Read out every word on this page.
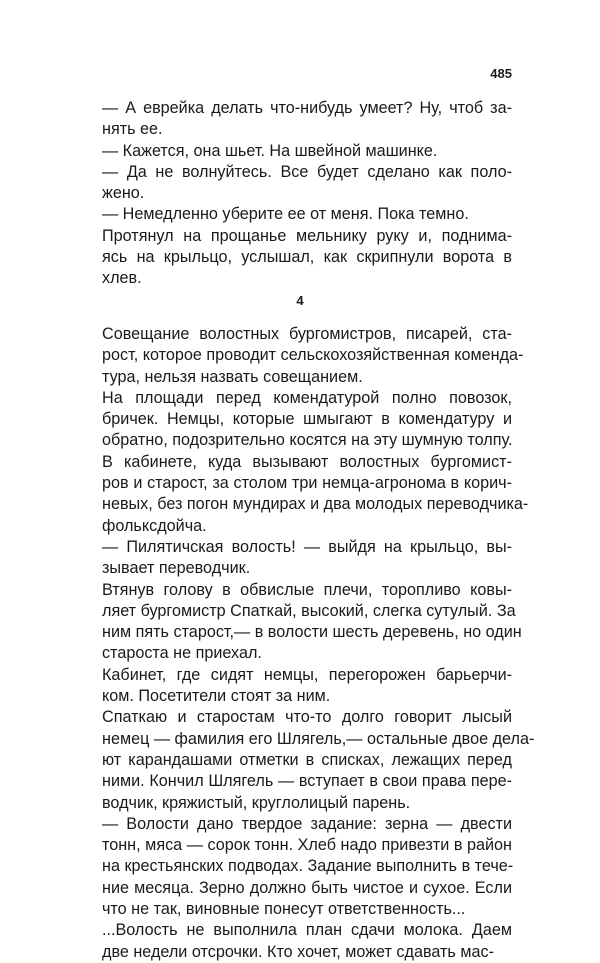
485

— А еврейка делать что-нибудь умеет? Ну, чтоб за-
нять ее.

— Кажется, она шьет. На швейной машинке.

— Да не волнуйтесь. Все будет сделано как поло-
жено.

— Немедленно уберите ее от меня. Пока темно.

Протянул на прощанье мельнику руку и, поднима-
ясь на крыльцо, услышал, как скрипнули ворота в
хлев.

4

Совещание волостных бургомистров, писарей, ста-
рост, которое проводит сельскохозяйственная коменда-
тура, нельзя назвать совещанием.

На площади перед комендатурой полно повозок,
бричек. Немцы, которые шмыгают в комендатуру и
обратно, подозрительно косятся на эту шумную толпу.

В кабинете, куда вызывают волостных бургомист-
ров и старост, за столом три немца-агронома в корич-
невых, без погон мундирах и два молодых переводчика-
фольксдойча.

— Пилятичская волость! — выйдя на крыльцо, вы-
зывает переводчик.

Втянув голову в обвислые плечи, торопливо ковы-
ляет бургомистр Спаткай, высокий, слегка сутулый. За
ним пять старост,— в волости шесть деревень, но один
староста не приехал.

Кабинет, где сидят немцы, перегорожен барьерчи-
ком. Посетители стоят за ним.

Спаткаю и старостам что-то долго говорит лысый
немец — фамилия его Шлягель,— остальные двое дела-
ют карандашами отметки в списках, лежащих перед
ними. Кончил Шлягель — вступает в свои права пере-
водчик, кряжистый, круглолицый парень.

— Волости дано твердое задание: зерна — двести
тонн, мяса — сорок тонн. Хлеб надо привезти в район
на крестьянских подводах. Задание выполнить в тече-
ние месяца. Зерно должно быть чистое и сухое. Если
что не так, виновные понесут ответственность...

...Волость не выполнила план сдачи молока. Даем
две недели отсрочки. Кто хочет, может сдавать мас-
